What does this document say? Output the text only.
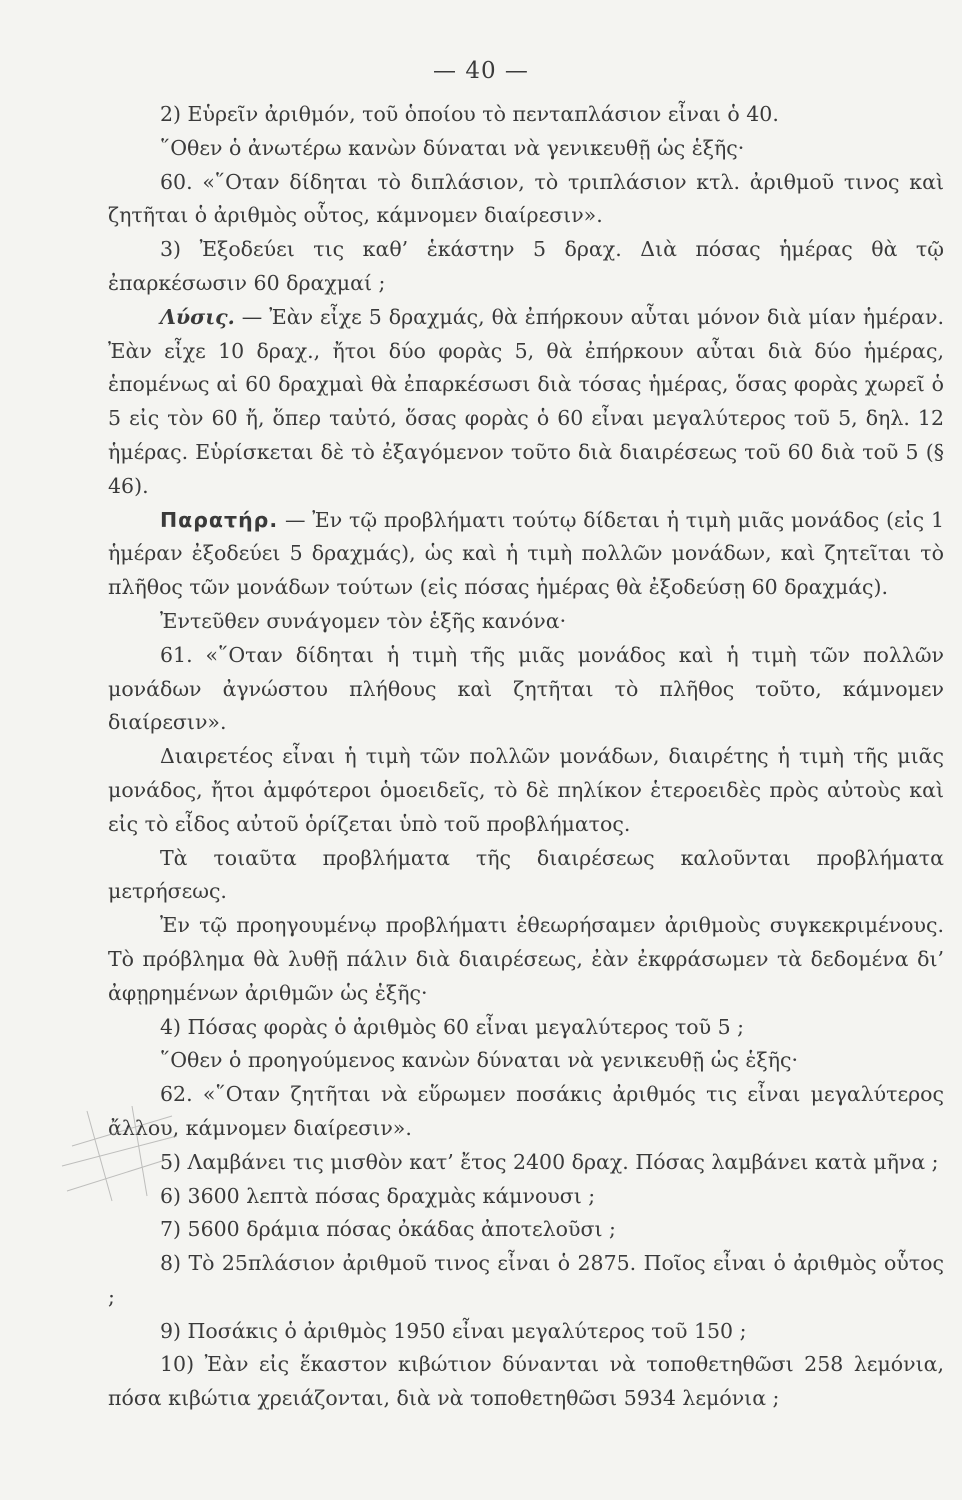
— 40 —

2) Εὑρεῖν ἀριθμόν, τοῦ ὁποίου τὸ πενταπλάσιον εἶναι ὁ 40.

῞Οθεν ὁ ἀνωτέρω κανὼν δύναται νὰ γενικευθῇ ὡς ἑξῆς·

60. «῞Οταν δίδηται τὸ διπλάσιον, τὸ τριπλάσιον κτλ. ἀριθμοῦ τινος καὶ ζητῆται ὁ ἀριθμὸς οὗτος, κάμνομεν διαίρεσιν».

3) Ἐξοδεύει τις καθ’ ἑκάστην 5 δραχ. Διὰ πόσας ἡμέρας θὰ τῷ ἐπαρκέσωσιν 60 δραχμαί ;

Λύσις. — Ἐὰν εἶχε 5 δραχμάς, θὰ ἐπήρκουν αὗται μόνον διὰ μίαν ἡμέραν. Ἐὰν εἶχε 10 δραχ., ἤτοι δύο φορὰς 5, θὰ ἐπήρκουν αὗται διὰ δύο ἡμέρας, ἑπομένως αἱ 60 δραχμαὶ θὰ ἐπαρκέσωσι διὰ τόσας ἡμέρας, ὅσας φορὰς χωρεῖ ὁ 5 εἰς τὸν 60 ἤ, ὅπερ ταὐτό, ὅσας φορὰς ὁ 60 εἶναι μεγαλύτερος τοῦ 5, δηλ. 12 ἡμέρας. Εὑρίσκεται δὲ τὸ ἐξαγόμενον τοῦτο διὰ διαιρέσεως τοῦ 60 διὰ τοῦ 5 (§ 46).

Παρατήρ. — Ἐν τῷ προβλήματι τούτῳ δίδεται ἡ τιμὴ μιᾶς μονάδος (εἰς 1 ἡμέραν ἐξοδεύει 5 δραχμάς), ὡς καὶ ἡ τιμὴ πολλῶν μονάδων, καὶ ζητεῖται τὸ πλῆθος τῶν μονάδων τούτων (εἰς πόσας ἡμέρας θὰ ἐξοδεύσῃ 60 δραχμάς).

Ἐντεῦθεν συνάγομεν τὸν ἑξῆς κανόνα·

61. «῞Οταν δίδηται ἡ τιμὴ τῆς μιᾶς μονάδος καὶ ἡ τιμὴ τῶν πολλῶν μονάδων ἀγνώστου πλήθους καὶ ζητῆται τὸ πλῆθος τοῦτο, κάμνομεν διαίρεσιν».

Διαιρετέος εἶναι ἡ τιμὴ τῶν πολλῶν μονάδων, διαιρέτης ἡ τιμὴ τῆς μιᾶς μονάδος, ἤτοι ἀμφότεροι ὁμοειδεῖς, τὸ δὲ πηλίκον ἑτεροειδὲς πρὸς αὐτοὺς καὶ εἰς τὸ εἶδος αὐτοῦ ὁρίζεται ὑπὸ τοῦ προβλήματος.

Τὰ τοιαῦτα προβλήματα τῆς διαιρέσεως καλοῦνται προβλήματα μετρήσεως.

Ἐν τῷ προηγουμένῳ προβλήματι ἐθεωρήσαμεν ἀριθμοὺς συγκεκριμένους. Τὸ πρόβλημα θὰ λυθῇ πάλιν διὰ διαιρέσεως, ἐὰν ἐκφράσωμεν τὰ δεδομένα δι’ ἀφῃρημένων ἀριθμῶν ὡς ἑξῆς·

4) Πόσας φορὰς ὁ ἀριθμὸς 60 εἶναι μεγαλύτερος τοῦ 5 ;

῞Οθεν ὁ προηγούμενος κανὼν δύναται νὰ γενικευθῇ ὡς ἑξῆς·

62. «῞Οταν ζητῆται νὰ εὕρωμεν ποσάκις ἀριθμός τις εἶναι μεγαλύτερος ἄλλου, κάμνομεν διαίρεσιν».

5) Λαμβάνει τις μισθὸν κατ’ ἔτος 2400 δραχ. Πόσας λαμβάνει κατὰ μῆνα ;

6) 3600 λεπτὰ πόσας δραχμὰς κάμνουσι ;

7) 5600 δράμια πόσας ὀκάδας ἀποτελοῦσι ;

8) Τὸ 25πλάσιον ἀριθμοῦ τινος εἶναι ὁ 2875. Ποῖος εἶναι ὁ ἀριθμὸς οὗτος ;

9) Ποσάκις ὁ ἀριθμὸς 1950 εἶναι μεγαλύτερος τοῦ 150 ;

10) Ἐὰν εἰς ἕκαστον κιβώτιον δύνανται νὰ τοποθετηθῶσι 258 λεμόνια, πόσα κιβώτια χρειάζονται, διὰ νὰ τοποθετηθῶσι 5934 λεμόνια ;
